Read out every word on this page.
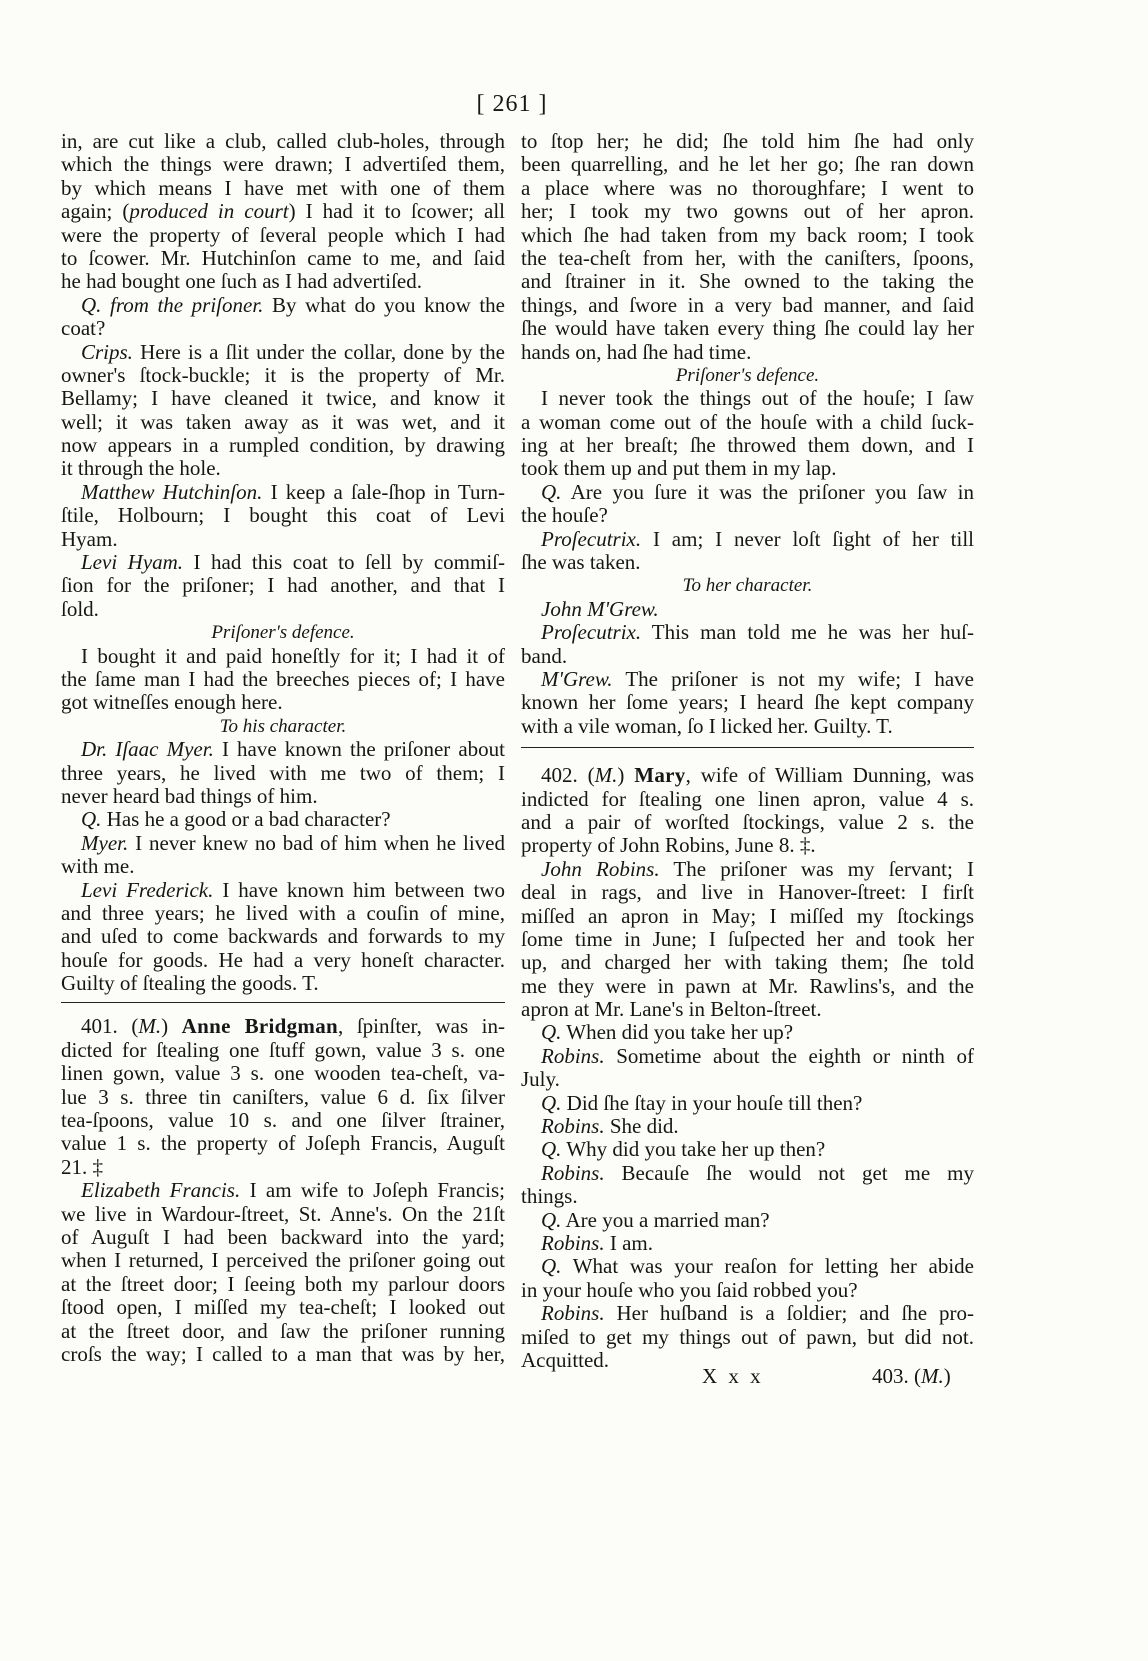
[ 261 ]
in, are cut like a club, called club-holes, through
which the things were drawn; I advertiſed them,
by which means I have met with one of them
again; (produced in court) I had it to ſcower; all
were the property of ſeveral people which I had
to ſcower. Mr. Hutchinſon came to me, and ſaid
he had bought one ſuch as I had advertiſed.
Q. from the priſoner. By what do you know the
coat?
Crips. Here is a ſlit under the collar, done by the
owner's ſtock-buckle; it is the property of Mr.
Bellamy; I have cleaned it twice, and know it
well; it was taken away as it was wet, and it
now appears in a rumpled condition, by drawing
it through the hole.
Matthew Hutchinſon. I keep a ſale-ſhop in Turn-
ſtile, Holbourn; I bought this coat of Levi
Hyam.
Levi Hyam. I had this coat to ſell by commiſ-
ſion for the priſoner; I had another, and that I
ſold.
Priſoner's defence.
I bought it and paid honeſtly for it; I had it of
the ſame man I had the breeches pieces of; I have
got witneſſes enough here.
To his character.
Dr. Iſaac Myer. I have known the priſoner about
three years, he lived with me two of them; I
never heard bad things of him.
Q. Has he a good or a bad character?
Myer. I never knew no bad of him when he lived
with me.
Levi Frederick. I have known him between two
and three years; he lived with a couſin of mine,
and uſed to come backwards and forwards to my
houſe for goods. He had a very honeſt character.
Guilty of ſtealing the goods. T.
401. (M.) Anne Bridgman, ſpinſter, was in-
dicted for ſtealing one ſtuff gown, value 3 s. one
linen gown, value 3 s. one wooden tea-cheſt, va-
lue 3 s. three tin caniſters, value 6 d. ſix ſilver
tea-ſpoons, value 10 s. and one ſilver ſtrainer,
value 1 s. the property of Joſeph Francis, Auguſt
21. ‡
Elizabeth Francis. I am wife to Joſeph Francis;
we live in Wardour-ſtreet, St. Anne's. On the 21ſt
of Auguſt I had been backward into the yard;
when I returned, I perceived the priſoner going out
at the ſtreet door; I ſeeing both my parlour doors
ſtood open, I miſſed my tea-cheſt; I looked out
at the ſtreet door, and ſaw the priſoner running
croſs the way; I called to a man that was by her,
to ſtop her; he did; ſhe told him ſhe had only
been quarrelling, and he let her go; ſhe ran down
a place where was no thoroughfare; I went to
her; I took my two gowns out of her apron.
which ſhe had taken from my back room; I took
the tea-cheſt from her, with the caniſters, ſpoons,
and ſtrainer in it. She owned to the taking the
things, and ſwore in a very bad manner, and ſaid
ſhe would have taken every thing ſhe could lay her
hands on, had ſhe had time.
Priſoner's defence.
I never took the things out of the houſe; I ſaw
a woman come out of the houſe with a child ſuck-
ing at her breaſt; ſhe throwed them down, and I
took them up and put them in my lap.
Q. Are you ſure it was the priſoner you ſaw in
the houſe?
Proſecutrix. I am; I never loſt ſight of her till
ſhe was taken.
To her character.
John M'Grew.
Proſecutrix. This man told me he was her huſ-
band.
M'Grew. The priſoner is not my wife; I have
known her ſome years; I heard ſhe kept company
with a vile woman, ſo I licked her. Guilty. T.
402. (M.) Mary, wife of William Dunning, was
indicted for ſtealing one linen apron, value 4 s.
and a pair of worſted ſtockings, value 2 s. the
property of John Robins, June 8. ‡.
John Robins. The priſoner was my ſervant; I
deal in rags, and live in Hanover-ſtreet: I firſt
miſſed an apron in May; I miſſed my ſtockings
ſome time in June; I ſuſpected her and took her
up, and charged her with taking them; ſhe told
me they were in pawn at Mr. Rawlins's, and the
apron at Mr. Lane's in Belton-ſtreet.
Q. When did you take her up?
Robins. Sometime about the eighth or ninth of
July.
Q. Did ſhe ſtay in your houſe till then?
Robins. She did.
Q. Why did you take her up then?
Robins. Becauſe ſhe would not get me my
things.
Q. Are you a married man?
Robins. I am.
Q. What was your reaſon for letting her abide
in your houſe who you ſaid robbed you?
Robins. Her huſband is a ſoldier; and ſhe pro-
miſed to get my things out of pawn, but did not.
Acquitted.
X x x	403. (M.)
